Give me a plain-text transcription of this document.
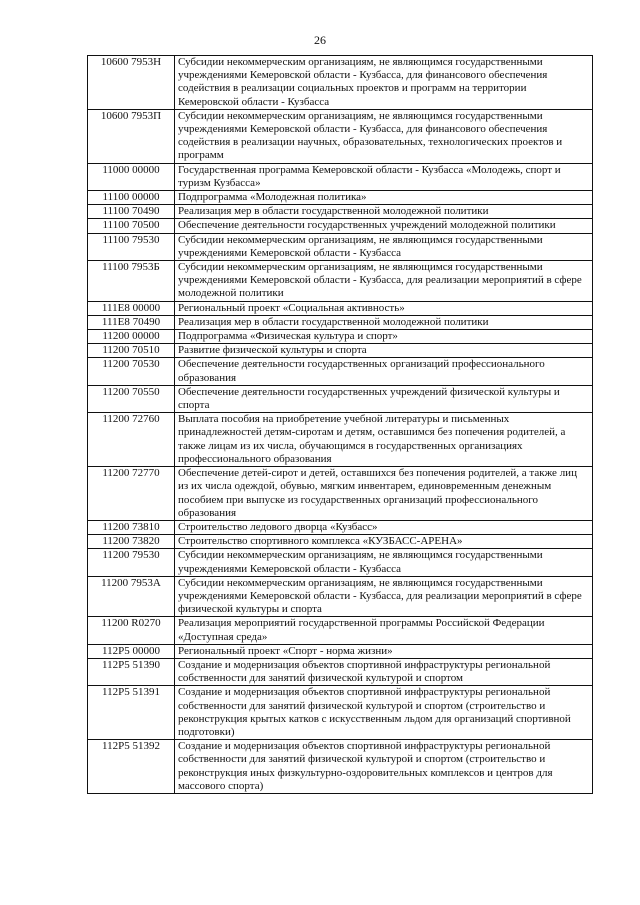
26
10600 7953Н	Субсидии некоммерческим организациям, не являющимся государственными учреждениями Кемеровской области - Кузбасса, для финансового обеспечения содействия в реализации социальных проектов и программ на территории Кемеровской области - Кузбасса
10600 7953П	Субсидии некоммерческим организациям, не являющимся государственными учреждениями Кемеровской области - Кузбасса, для финансового обеспечения содействия в реализации научных, образовательных, технологических проектов и программ
11000 00000	Государственная программа Кемеровской области - Кузбасса «Молодежь, спорт и туризм Кузбасса»
11100 00000	Подпрограмма «Молодежная политика»
11100 70490	Реализация мер в области государственной молодежной политики
11100 70500	Обеспечение деятельности государственных учреждений молодежной политики
11100 79530	Субсидии некоммерческим организациям, не являющимся государственными учреждениями Кемеровской области - Кузбасса
11100 7953Б	Субсидии некоммерческим организациям, не являющимся государственными учреждениями Кемеровской области - Кузбасса, для реализации мероприятий в сфере молодежной политики
111Е8 00000	Региональный проект «Социальная активность»
111Е8 70490	Реализация мер в области государственной молодежной политики
11200 00000	Подпрограмма «Физическая культура и спорт»
11200 70510	Развитие физической культуры и спорта
11200 70530	Обеспечение деятельности государственных организаций профессионального образования
11200 70550	Обеспечение деятельности государственных учреждений физической культуры и спорта
11200 72760	Выплата пособия на приобретение учебной литературы и письменных принадлежностей детям-сиротам и детям, оставшимся без попечения родителей, а также лицам из их числа, обучающимся в государственных организациях профессионального образования
11200 72770	Обеспечение детей-сирот и детей, оставшихся без попечения родителей, а также лиц из их числа одеждой, обувью, мягким инвентарем, единовременным денежным пособием при выпуске из государственных организаций профессионального образования
11200 73810	Строительство ледового дворца «Кузбасс»
11200 73820	Строительство спортивного комплекса «КУЗБАСС-АРЕНА»
11200 79530	Субсидии некоммерческим организациям, не являющимся государственными учреждениями Кемеровской области - Кузбасса
11200 7953А	Субсидии некоммерческим организациям, не являющимся государственными учреждениями Кемеровской области - Кузбасса, для реализации мероприятий в сфере физической культуры и спорта
11200 R0270	Реализация мероприятий государственной программы Российской Федерации «Доступная среда»
112Р5 00000	Региональный проект «Спорт - норма жизни»
112Р5 51390	Создание и модернизация объектов спортивной инфраструктуры региональной собственности для занятий физической культурой и спортом
112Р5 51391	Создание и модернизация объектов спортивной инфраструктуры региональной собственности для занятий физической культурой и спортом (строительство и реконструкция крытых катков с искусственным льдом для организаций спортивной подготовки)
112Р5 51392	Создание и модернизация объектов спортивной инфраструктуры региональной собственности для занятий физической культурой и спортом (строительство и реконструкция иных физкультурно-оздоровительных комплексов и центров для массового спорта)
